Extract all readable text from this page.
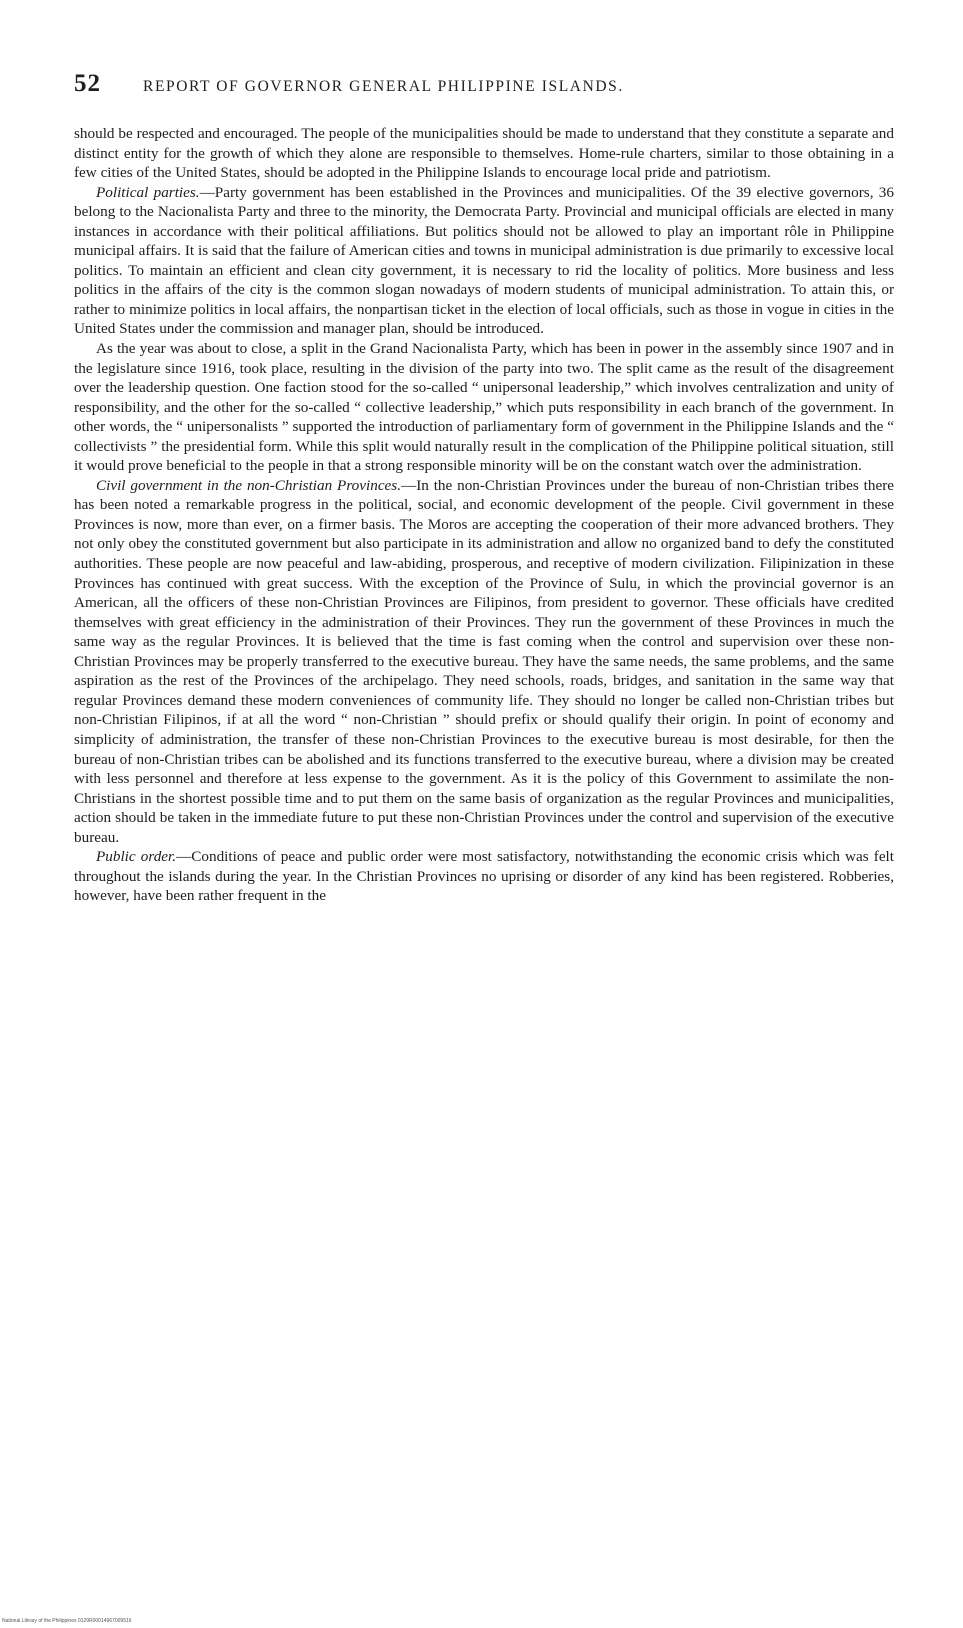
52	REPORT OF GOVERNOR GENERAL PHILIPPINE ISLANDS.

should be respected and encouraged. The people of the municipalities should be made to understand that they constitute a separate and distinct entity for the growth of which they alone are responsible to themselves. Home-rule charters, similar to those obtaining in a few cities of the United States, should be adopted in the Philippine Islands to encourage local pride and patriotism.

Political parties.—Party government has been established in the Provinces and municipalities. Of the 39 elective governors, 36 belong to the Nacionalista Party and three to the minority, the Democrata Party. Provincial and municipal officials are elected in many instances in accordance with their political affiliations. But politics should not be allowed to play an important rôle in Philippine municipal affairs. It is said that the failure of American cities and towns in municipal administration is due primarily to excessive local politics. To maintain an efficient and clean city government, it is necessary to rid the locality of politics. More business and less politics in the affairs of the city is the common slogan nowadays of modern students of municipal administration. To attain this, or rather to minimize politics in local affairs, the nonpartisan ticket in the election of local officials, such as those in vogue in cities in the United States under the commission and manager plan, should be introduced.

As the year was about to close, a split in the Grand Nacionalista Party, which has been in power in the assembly since 1907 and in the legislature since 1916, took place, resulting in the division of the party into two. The split came as the result of the disagreement over the leadership question. One faction stood for the so-called “ unipersonal leadership,” which involves centralization and unity of responsibility, and the other for the so-called “ collective leadership,” which puts responsibility in each branch of the government. In other words, the “ unipersonalists ” supported the introduction of parliamentary form of government in the Philippine Islands and the “ collectivists ” the presidential form. While this split would naturally result in the complication of the Philippine political situation, still it would prove beneficial to the people in that a strong responsible minority will be on the constant watch over the administration.

Civil government in the non-Christian Provinces.—In the non-Christian Provinces under the bureau of non-Christian tribes there has been noted a remarkable progress in the political, social, and economic development of the people. Civil government in these Provinces is now, more than ever, on a firmer basis. The Moros are accepting the cooperation of their more advanced brothers. They not only obey the constituted government but also participate in its administration and allow no organized band to defy the constituted authorities. These people are now peaceful and law-abiding, prosperous, and receptive of modern civilization. Filipinization in these Provinces has continued with great success. With the exception of the Province of Sulu, in which the provincial governor is an American, all the officers of these non-Christian Provinces are Filipinos, from president to governor. These officials have credited themselves with great efficiency in the administration of their Provinces. They run the government of these Provinces in much the same way as the regular Provinces. It is believed that the time is fast coming when the control and supervision over these non-Christian Provinces may be properly transferred to the executive bureau. They have the same needs, the same problems, and the same aspiration as the rest of the Provinces of the archipelago. They need schools, roads, bridges, and sanitation in the same way that regular Provinces demand these modern conveniences of community life. They should no longer be called non-Christian tribes but non-Christian Filipinos, if at all the word “ non-Christian ” should prefix or should qualify their origin. In point of economy and simplicity of administration, the transfer of these non-Christian Provinces to the executive bureau is most desirable, for then the bureau of non-Christian tribes can be abolished and its functions transferred to the executive bureau, where a division may be created with less personnel and therefore at less expense to the government. As it is the policy of this Government to assimilate the non-Christians in the shortest possible time and to put them on the same basis of organization as the regular Provinces and municipalities, action should be taken in the immediate future to put these non-Christian Provinces under the control and supervision of the executive bureau.

Public order.—Conditions of peace and public order were most satisfactory, notwithstanding the economic crisis which was felt throughout the islands during the year. In the Christian Provinces no uprising or disorder of any kind has been registered. Robberies, however, have been rather frequent in the

National Library of the Philippines 0129R00014967009516
